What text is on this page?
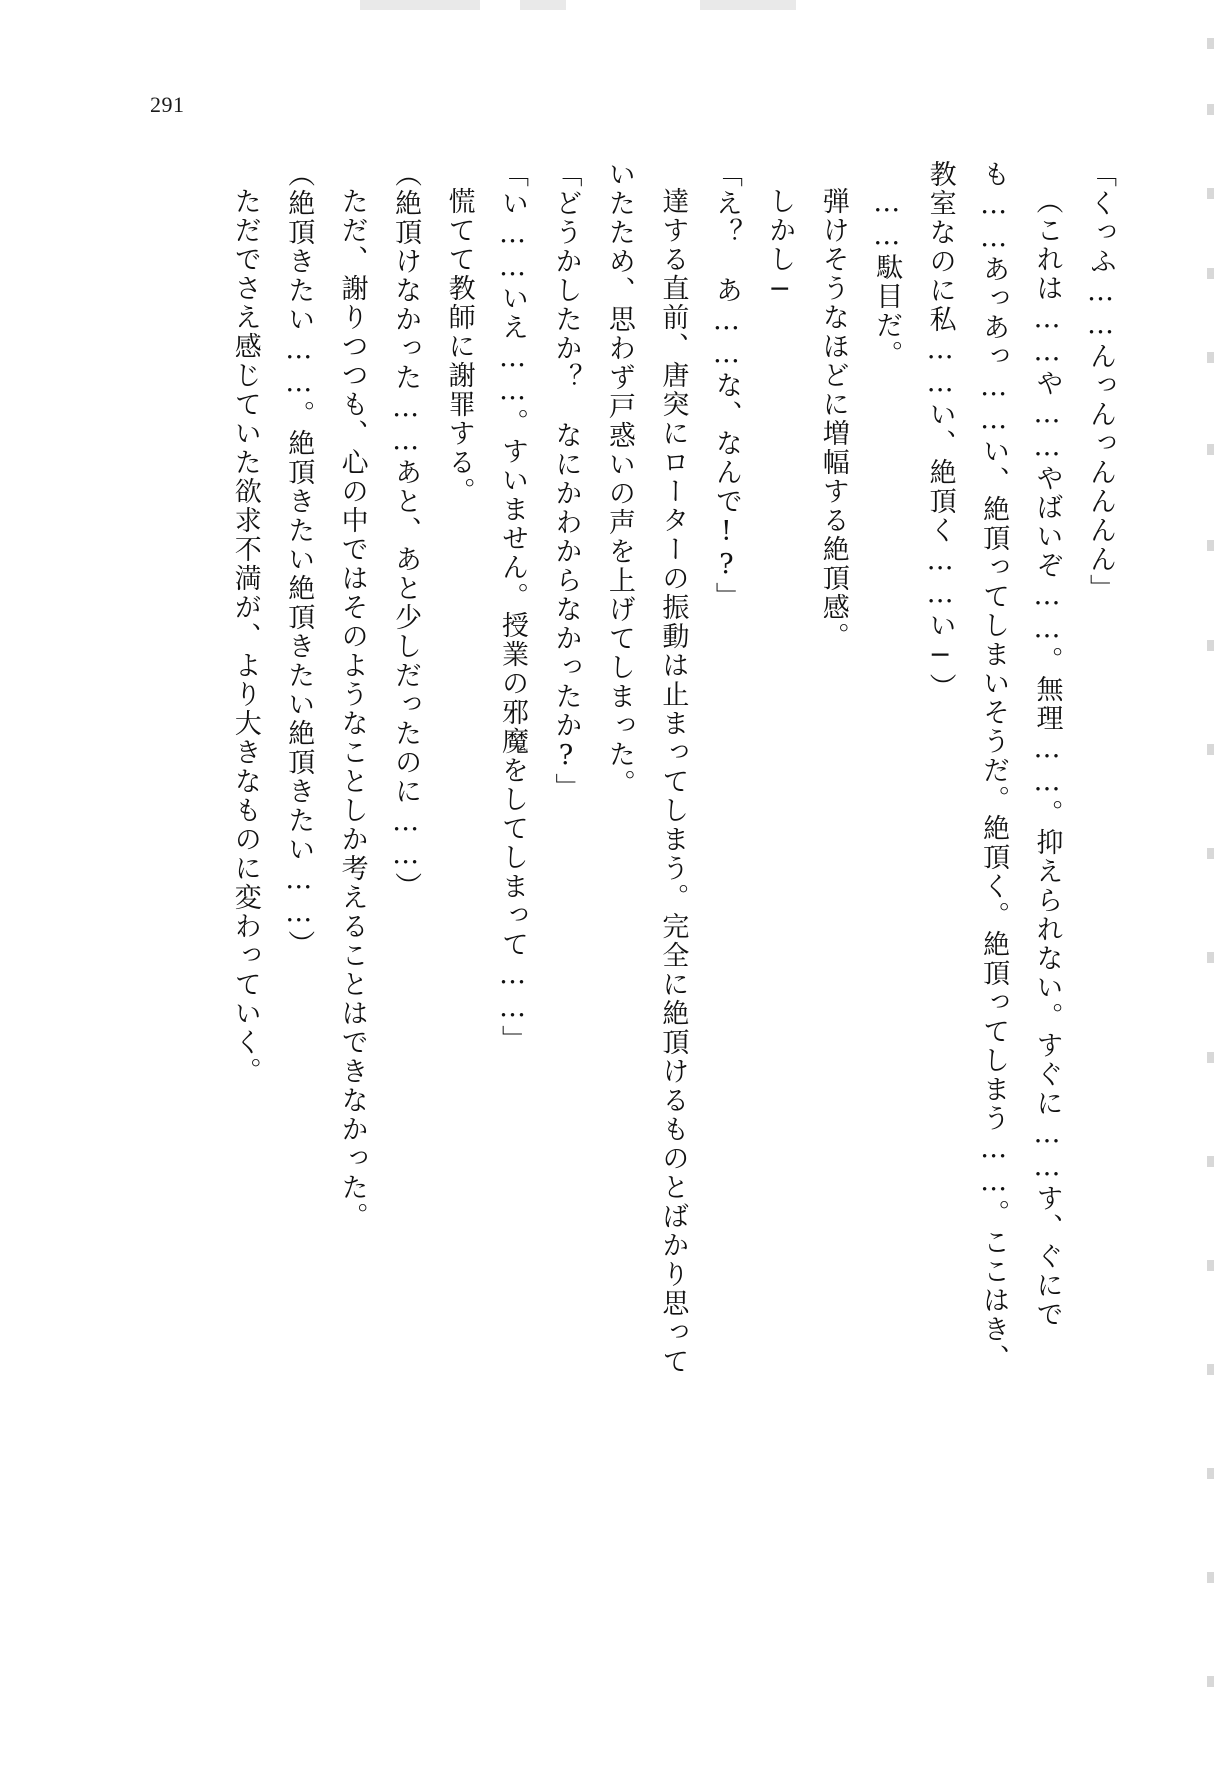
291

「くっふ……んっんっんんんん」

（これは……や……やばいぞ……。無理……。抑えられない。すぐに……す、ぐにでも……あっあっ……い、絶頂ってしまいそうだ。絶頂く。絶頂ってしまう……。ここはき、教室なのに私……い、絶頂く……い─）

……駄目だ。

弾けそうなほどに増幅する絶頂感。

しかし─

「え？　あ……な、なんで!?」

達する直前、唐突にローターの振動は止まってしまう。完全に絶頂けるものとばかり思っていたため、思わず戸惑いの声を上げてしまった。

「どうかしたか？　なにかわからなかったか?」

「い……いえ……。すいません。授業の邪魔をしてしまって……」

慌てて教師に謝罪する。

（絶頂けなかった……あと、あと少しだったのに……）

ただ、謝りつつも、心の中ではそのようなことしか考えることはできなかった。

（絶頂きたい……。絶頂きたい絶頂きたい絶頂きたい……）

ただでさえ感じていた欲求不満が、より大きなものに変わっていく。
